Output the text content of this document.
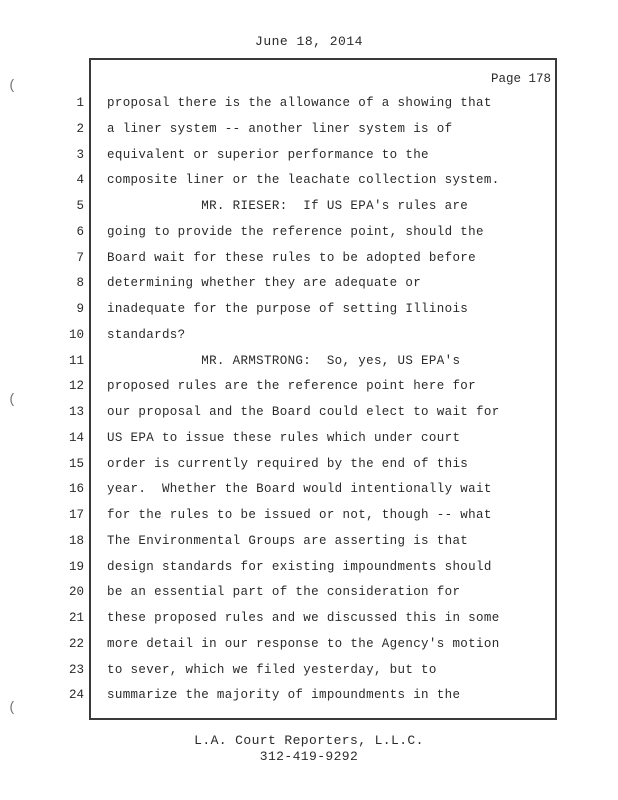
June 18, 2014
Page 178
1 proposal there is the allowance of a showing that
2 a liner system -- another liner system is of
3 equivalent or superior performance to the
4 composite liner or the leachate collection system.
5 MR. RIESER:  If US EPA's rules are
6 going to provide the reference point, should the
7 Board wait for these rules to be adopted before
8 determining whether they are adequate or
9 inadequate for the purpose of setting Illinois
10 standards?
11 MR. ARMSTRONG:  So, yes, US EPA's
12 proposed rules are the reference point here for
13 our proposal and the Board could elect to wait for
14 US EPA to issue these rules which under court
15 order is currently required by the end of this
16 year.  Whether the Board would intentionally wait
17 for the rules to be issued or not, though -- what
18 The Environmental Groups are asserting is that
19 design standards for existing impoundments should
20 be an essential part of the consideration for
21 these proposed rules and we discussed this in some
22 more detail in our response to the Agency's motion
23 to sever, which we filed yesterday, but to
24 summarize the majority of impoundments in the
L.A. Court Reporters, L.L.C.
312-419-9292
(
(
(
